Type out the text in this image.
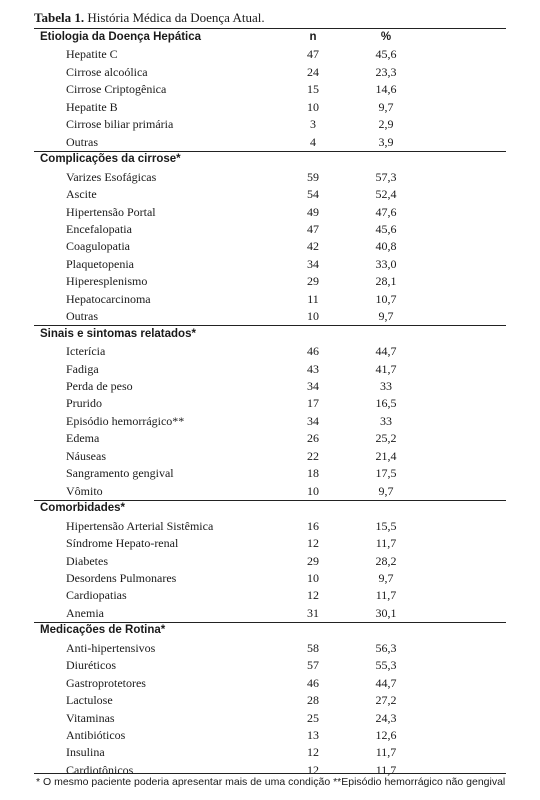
Tabela 1. História Médica da Doença Atual.
Etiologia da Doença Hepática	n	%
Hepatite C	47	45,6
Cirrose alcoólica	24	23,3
Cirrose Criptogênica	15	14,6
Hepatite B	10	9,7
Cirrose biliar primária	3	2,9
Outras	4	3,9
Complicações da cirrose*
Varizes Esofágicas	59	57,3
Ascite	54	52,4
Hipertensão Portal	49	47,6
Encefalopatia	47	45,6
Coagulopatia	42	40,8
Plaquetopenia	34	33,0
Hiperesplenismo	29	28,1
Hepatocarcinoma	11	10,7
Outras	10	9,7
Sinais e sintomas relatados*
Icterícia	46	44,7
Fadiga	43	41,7
Perda de peso	34	33
Prurido	17	16,5
Episódio hemorrágico**	34	33
Edema	26	25,2
Náuseas	22	21,4
Sangramento gengival	18	17,5
Vômito	10	9,7
Comorbidades*
Hipertensão Arterial Sistêmica	16	15,5
Síndrome Hepato-renal	12	11,7
Diabetes	29	28,2
Desordens Pulmonares	10	9,7
Cardiopatias	12	11,7
Anemia	31	30,1
Medicações de Rotina*
Anti-hipertensivos	58	56,3
Diuréticos	57	55,3
Gastroprotetores	46	44,7
Lactulose	28	27,2
Vitaminas	25	24,3
Antibióticos	13	12,6
Insulina	12	11,7
Cardiotônicos	12	11,7
* O mesmo paciente poderia apresentar mais de uma condição **Episódio hemorrágico não gengival
